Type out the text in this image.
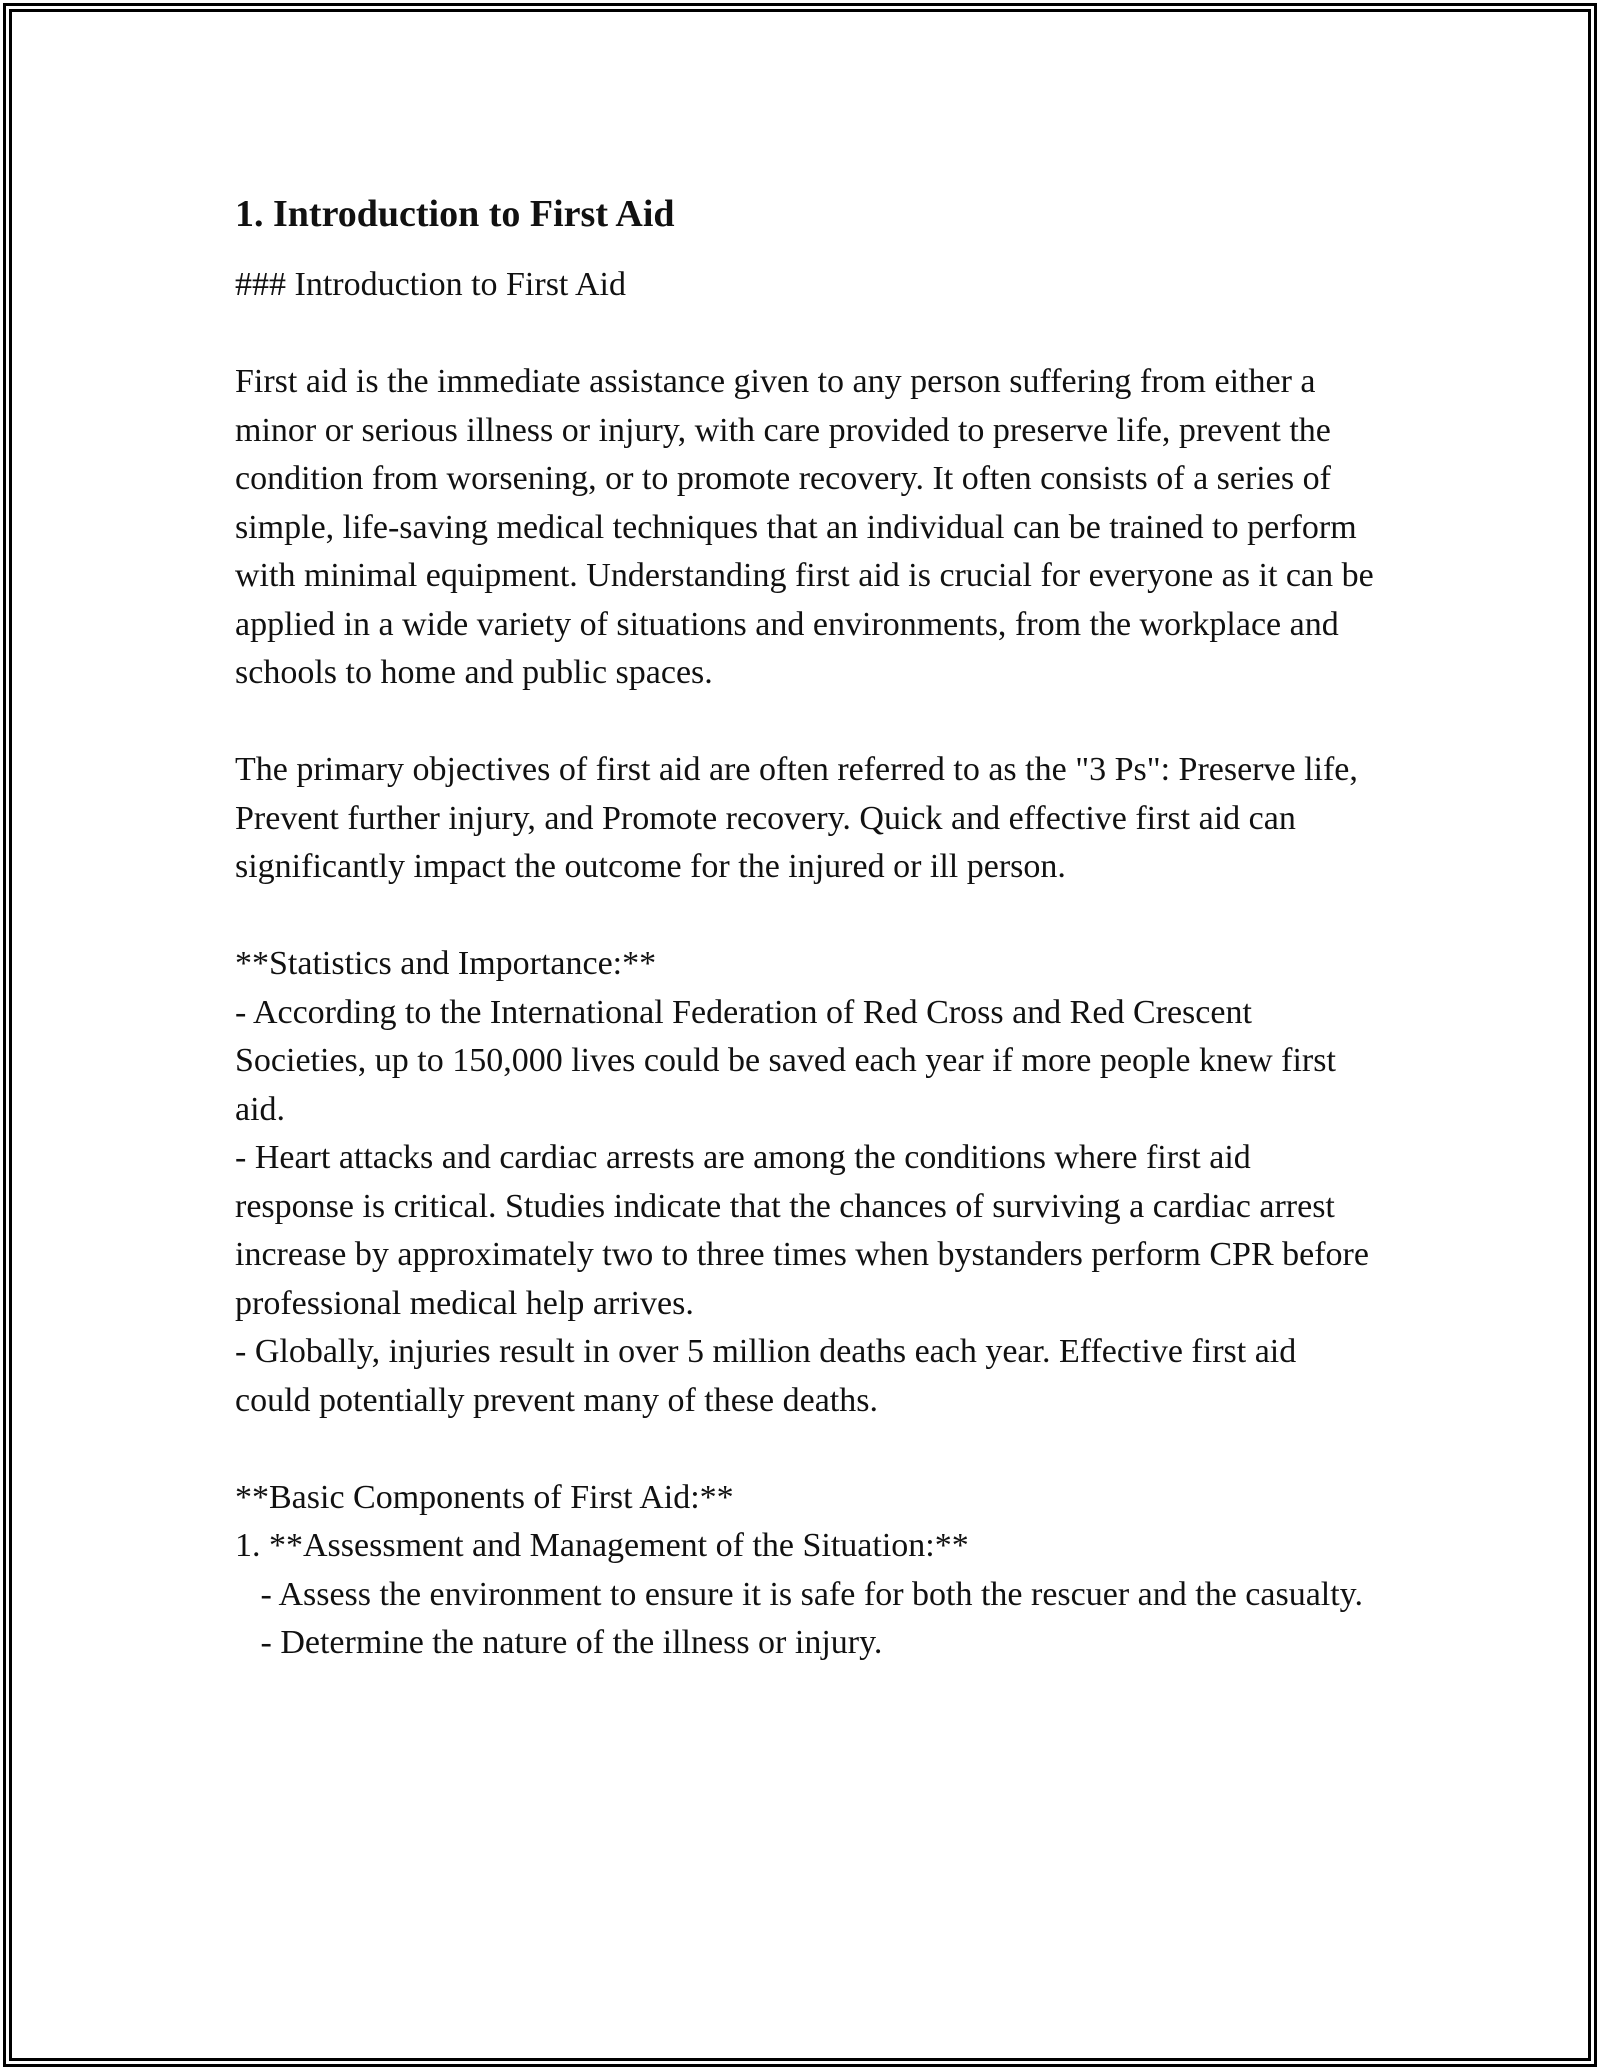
1. Introduction to First Aid
### Introduction to First Aid
First aid is the immediate assistance given to any person suffering from either a minor or serious illness or injury, with care provided to preserve life, prevent the condition from worsening, or to promote recovery. It often consists of a series of simple, life-saving medical techniques that an individual can be trained to perform with minimal equipment. Understanding first aid is crucial for everyone as it can be applied in a wide variety of situations and environments, from the workplace and schools to home and public spaces.
The primary objectives of first aid are often referred to as the "3 Ps": Preserve life, Prevent further injury, and Promote recovery. Quick and effective first aid can significantly impact the outcome for the injured or ill person.
**Statistics and Importance:**
- According to the International Federation of Red Cross and Red Crescent Societies, up to 150,000 lives could be saved each year if more people knew first aid.
- Heart attacks and cardiac arrests are among the conditions where first aid response is critical. Studies indicate that the chances of surviving a cardiac arrest increase by approximately two to three times when bystanders perform CPR before professional medical help arrives.
- Globally, injuries result in over 5 million deaths each year. Effective first aid could potentially prevent many of these deaths.
**Basic Components of First Aid:**
1. **Assessment and Management of the Situation:**
- Assess the environment to ensure it is safe for both the rescuer and the casualty.
- Determine the nature of the illness or injury.
